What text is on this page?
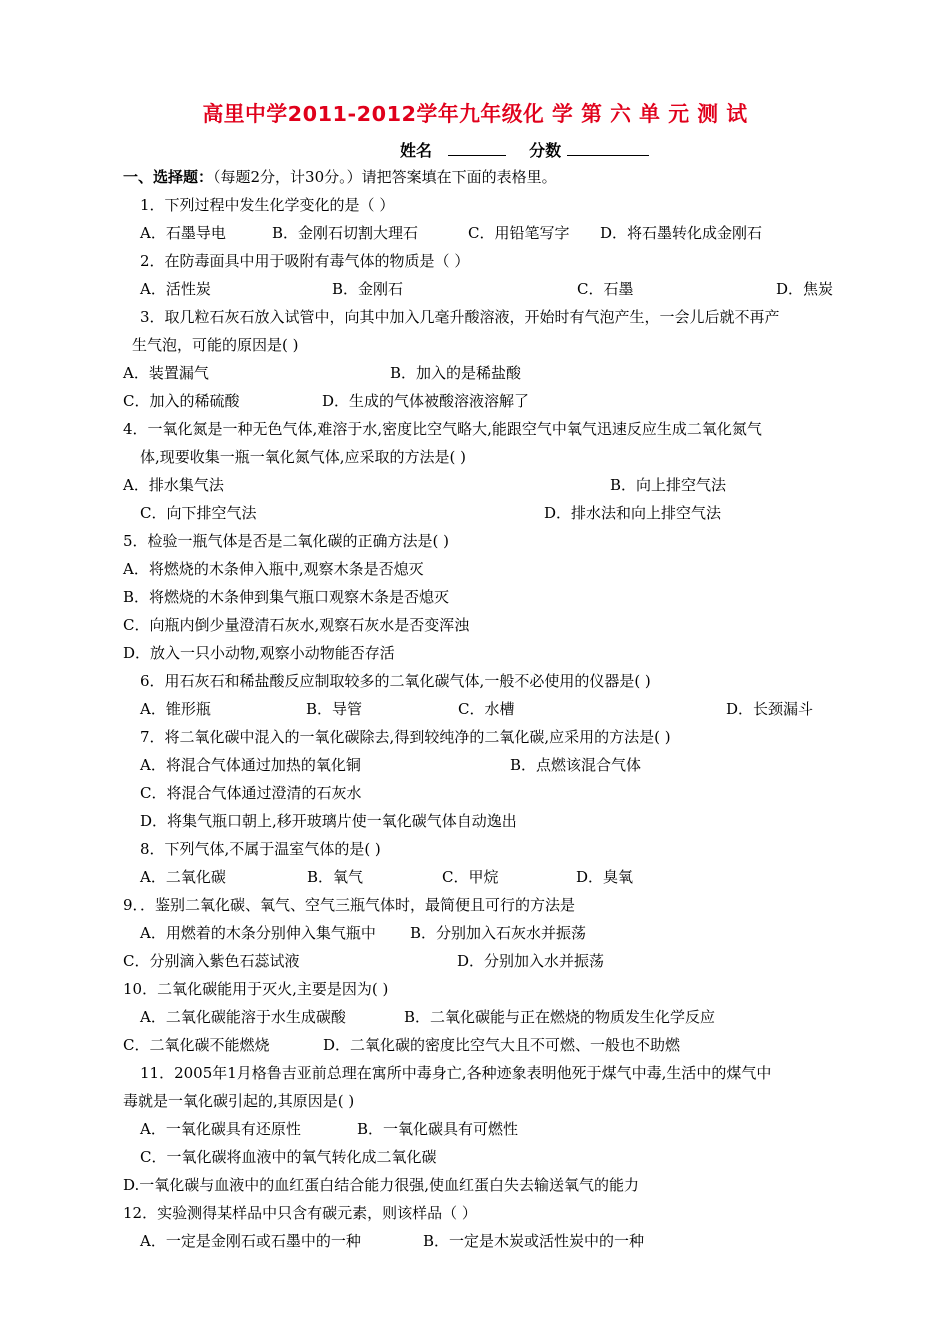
高里中学2011-2012学年九年级化 学 第 六 单 元 测 试
姓名	分数
一、选择题：（每题2分，计30分。）请把答案填在下面的表格里。
1．下列过程中发生化学变化的是（ ）
A．石墨导电	B．金刚石切割大理石	C．用铅笔写字 D．将石墨转化成金刚石
2．在防毒面具中用于吸附有毒气体的物质是（ ）
A．活性炭	B．金刚石	C．石墨	D．焦炭
3．取几粒石灰石放入试管中，向其中加入几毫升酸溶液，开始时有气泡产生，一会儿后就不再产
生气泡，可能的原因是( )
A．装置漏气	B．加入的是稀盐酸
C．加入的稀硫酸	D．生成的气体被酸溶液溶解了
4．一氧化氮是一种无色气体,难溶于水,密度比空气略大,能跟空气中氧气迅速反应生成二氧化氮气
体,现要收集一瓶一氧化氮气体,应采取的方法是( )
A．排水集气法	B．向上排空气法
C．向下排空气法	D．排水法和向上排空气法
5．检验一瓶气体是否是二氧化碳的正确方法是( )
A．将燃烧的木条伸入瓶中,观察木条是否熄灭
B．将燃烧的木条伸到集气瓶口观察木条是否熄灭
C．向瓶内倒少量澄清石灰水,观察石灰水是否变浑浊
D．放入一只小动物,观察小动物能否存活
6．用石灰石和稀盐酸反应制取较多的二氧化碳气体,一般不必使用的仪器是( )
A．锥形瓶	B．导管	C．水槽	D．长颈漏斗
7．将二氧化碳中混入的一氧化碳除去,得到较纯净的二氧化碳,应采用的方法是( )
A．将混合气体通过加热的氧化铜	B．点燃该混合气体
C．将混合气体通过澄清的石灰水
D．将集气瓶口朝上,移开玻璃片使一氧化碳气体自动逸出
8．下列气体,不属于温室气体的是( )
A．二氧化碳	B．氧气	C．甲烷	D．臭氧
9．．鉴别二氧化碳、氧气、空气三瓶气体时，最简便且可行的方法是
A．用燃着的木条分别伸入集气瓶中 B．分别加入石灰水并振荡
C．分别滴入紫色石蕊试液	D．分别加入水并振荡
10．二氧化碳能用于灭火,主要是因为( )
A．二氧化碳能溶于水生成碳酸	B．二氧化碳能与正在燃烧的物质发生化学反应
C．二氧化碳不能燃烧	D．二氧化碳的密度比空气大且不可燃、一般也不助燃
11．2005年1月格鲁吉亚前总理在寓所中毒身亡,各种迹象表明他死于煤气中毒,生活中的煤气中
毒就是一氧化碳引起的,其原因是( )
A．一氧化碳具有还原性	B．一氧化碳具有可燃性
C．一氧化碳将血液中的氧气转化成二氧化碳
D.一氧化碳与血液中的血红蛋白结合能力很强,使血红蛋白失去输送氧气的能力
12．实验测得某样品中只含有碳元素，则该样品（ ）
A．一定是金刚石或石墨中的一种	B．一定是木炭或活性炭中的一种
